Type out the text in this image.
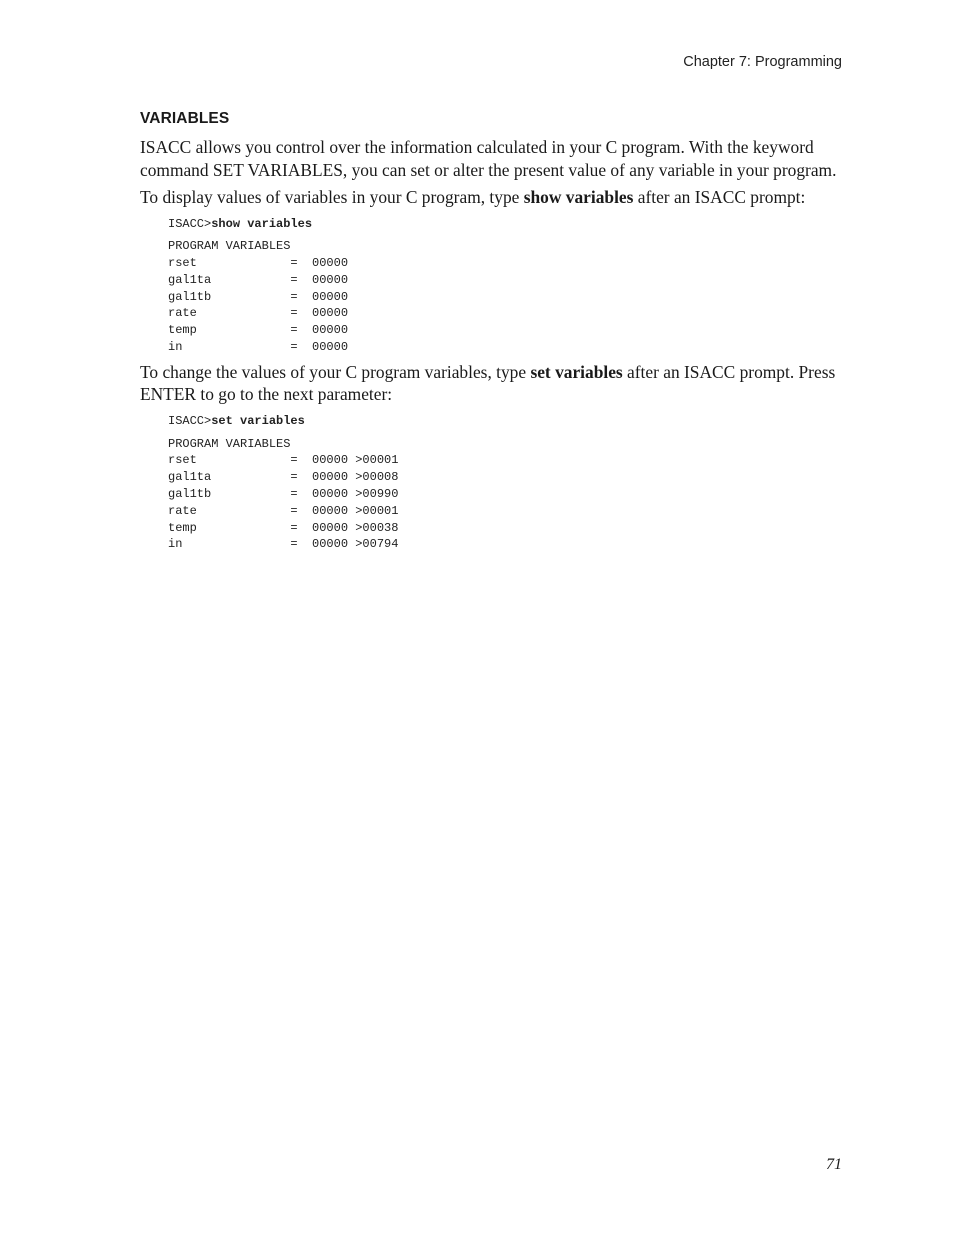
Chapter 7: Programming
VARIABLES

ISACC allows you control over the information calculated in your C program. With the keyword command SET VARIABLES, you can set or alter the present value of any variable in your program.

To display values of variables in your C program, type show variables after an ISACC prompt:

ISACC>show variables
PROGRAM VARIABLES
rset             =  00000
gal1ta           =  00000
gal1tb           =  00000
rate             =  00000
temp             =  00000
in               =  00000

To change the values of your C program variables, type set variables after an ISACC prompt. Press ENTER to go to the next parameter:

ISACC>set variables
PROGRAM VARIABLES
rset             =  00000 >00001
gal1ta           =  00000 >00008
gal1tb           =  00000 >00990
rate             =  00000 >00001
temp             =  00000 >00038
in               =  00000 >00794
71
